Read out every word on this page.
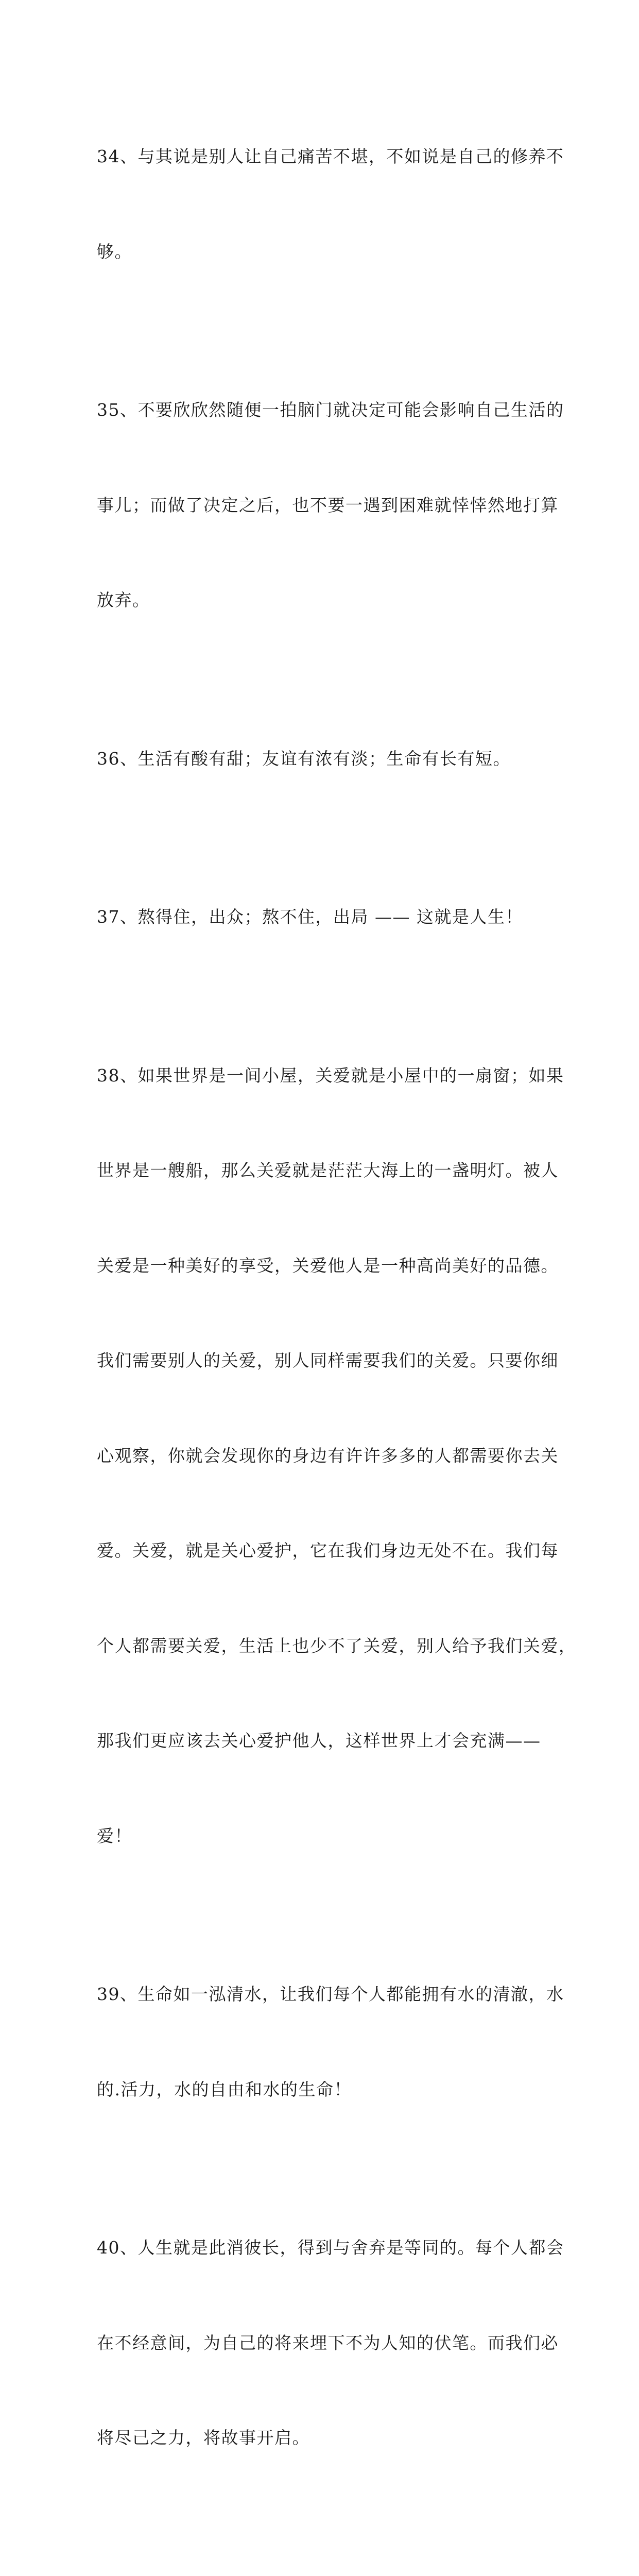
34、与其说是别人让自己痛苦不堪，不如说是自己的修养不

够。

35、不要欣欣然随便一拍脑门就决定可能会影响自己生活的

事儿；而做了决定之后，也不要一遇到困难就悻悻然地打算

放弃。

36、生活有酸有甜；友谊有浓有淡；生命有长有短。

37、熬得住，出众；熬不住，出局 —— 这就是人生！

38、如果世界是一间小屋，关爱就是小屋中的一扇窗；如果

世界是一艘船，那么关爱就是茫茫大海上的一盏明灯。被人

关爱是一种美好的享受，关爱他人是一种高尚美好的品德。

我们需要别人的关爱，别人同样需要我们的关爱。只要你细

心观察，你就会发现你的身边有许许多多的人都需要你去关

爱。关爱，就是关心爱护，它在我们身边无处不在。我们每

个人都需要关爱，生活上也少不了关爱，别人给予我们关爱，

那我们更应该去关心爱护他人，这样世界上才会充满——

爱！

39、生命如一泓清水，让我们每个人都能拥有水的清澈，水

的.活力，水的自由和水的生命！

40、人生就是此消彼长，得到与舍弃是等同的。每个人都会

在不经意间，为自己的将来埋下不为人知的伏笔。而我们必

将尽己之力，将故事开启。
